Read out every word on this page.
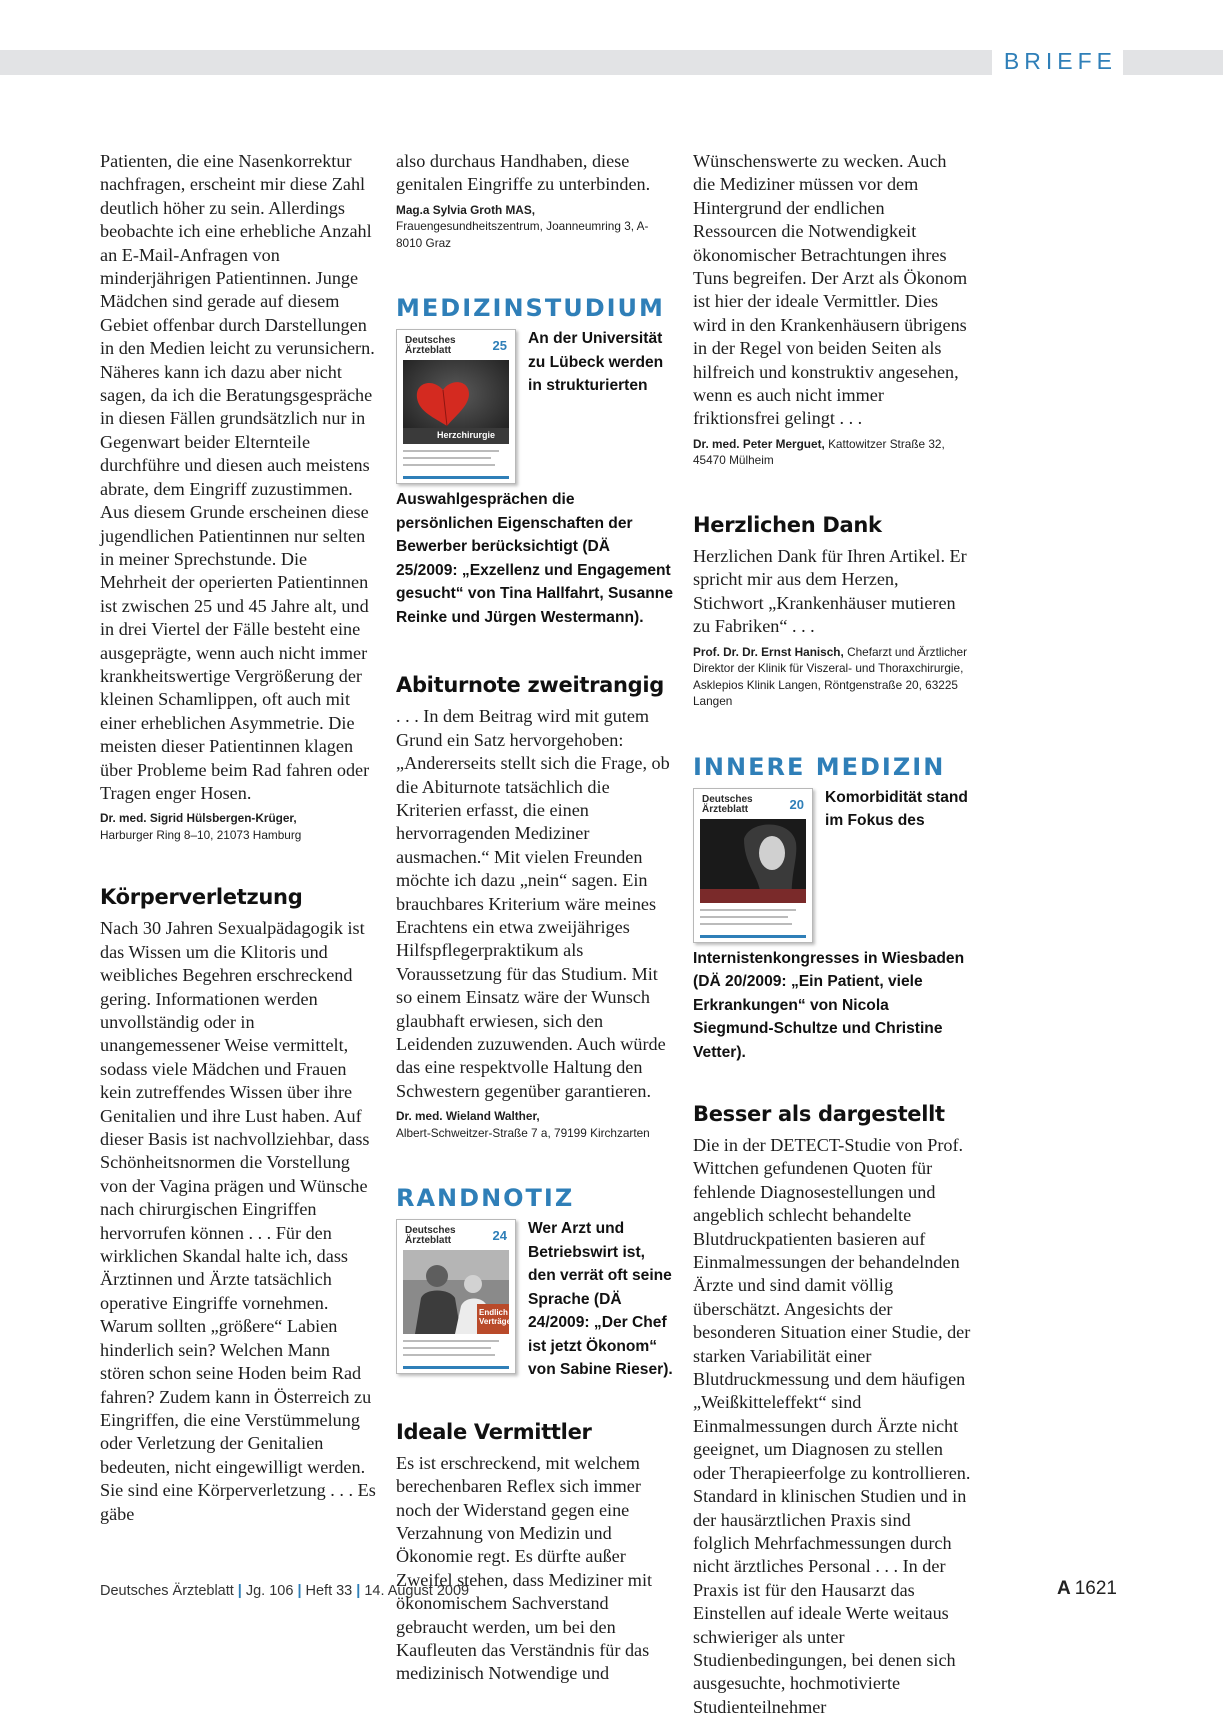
BRIEFE

Patienten, die eine Nasenkorrektur nachfragen, erscheint mir diese Zahl deutlich höher zu sein. Allerdings beobachte ich eine erhebliche Anzahl an E-Mail-Anfragen von minderjährigen Patientinnen. Junge Mädchen sind gerade auf diesem Gebiet offenbar durch Darstellungen in den Medien leicht zu verunsichern. Näheres kann ich dazu aber nicht sagen, da ich die Beratungsgespräche in diesen Fällen grundsätzlich nur in Gegenwart beider Elternteile durchführe und diesen auch meistens abrate, dem Eingriff zuzustimmen. Aus diesem Grunde erscheinen diese jugendlichen Patientinnen nur selten in meiner Sprechstunde. Die Mehrheit der operierten Patientinnen ist zwischen 25 und 45 Jahre alt, und in drei Viertel der Fälle besteht eine ausgeprägte, wenn auch nicht immer krankheitswertige Vergrößerung der kleinen Schamlippen, oft auch mit einer erheblichen Asymmetrie. Die meisten dieser Patientinnen klagen über Probleme beim Rad fahren oder Tragen enger Hosen.

Dr. med. Sigrid Hülsbergen-Krüger,
Harburger Ring 8–10, 21073 Hamburg

Körperverletzung

Nach 30 Jahren Sexualpädagogik ist das Wissen um die Klitoris und weibliches Begehren erschreckend gering. Informationen werden unvollständig oder in unangemessener Weise vermittelt, sodass viele Mädchen und Frauen kein zutreffendes Wissen über ihre Genitalien und ihre Lust haben. Auf dieser Basis ist nachvollziehbar, dass Schönheitsnormen die Vorstellung von der Vagina prägen und Wünsche nach chirurgischen Eingriffen hervorrufen können . . . Für den wirklichen Skandal halte ich, dass Ärztinnen und Ärzte tatsächlich operative Eingriffe vornehmen. Warum sollten „größere“ Labien hinderlich sein? Welchen Mann stören schon seine Hoden beim Rad fahren? Zudem kann in Österreich zu Eingriffen, die eine Verstümmelung oder Verletzung der Genitalien bedeuten, nicht eingewilligt werden. Sie sind eine Körperverletzung . . . Es gäbe

also durchaus Handhaben, diese genitalen Eingriffe zu unterbinden.

Mag.a Sylvia Groth MAS, Frauengesundheitszentrum, Joanneumring 3, A-8010 Graz

MEDIZINSTUDIUM
Deutsches
Ärzteblatt	25
Herzchirurgie

An der Universität zu Lübeck werden in strukturierten Auswahlgesprächen die persönlichen Eigenschaften der Bewerber berücksichtigt (DÄ 25/2009: „Exzellenz und Engagement gesucht“ von Tina Hallfahrt, Susanne Reinke und Jürgen Westermann).

Abiturnote zweitrangig

. . . In dem Beitrag wird mit gutem Grund ein Satz hervorgehoben: „Andererseits stellt sich die Frage, ob die Abiturnote tatsächlich die Kriterien erfasst, die einen hervorragenden Mediziner ausmachen.“ Mit vielen Freunden möchte ich dazu „nein“ sagen. Ein brauchbares Kriterium wäre meines Erachtens ein etwa zweijähriges Hilfspflegerpraktikum als Voraussetzung für das Studium. Mit so einem Einsatz wäre der Wunsch glaubhaft erwiesen, sich den Leidenden zuzuwenden. Auch würde das eine respektvolle Haltung den Schwestern gegenüber garantieren.

Dr. med. Wieland Walther,
Albert-Schweitzer-Straße 7 a, 79199 Kirchzarten

RANDNOTIZ
Deutsches
Ärzteblatt	24
Endlich Verträge

Wer Arzt und Betriebswirt ist, den verrät oft seine Sprache (DÄ 24/2009: „Der Chef ist jetzt Ökonom“ von Sabine Rieser).

Ideale Vermittler

Es ist erschreckend, mit welchem berechenbaren Reflex sich immer noch der Widerstand gegen eine Verzahnung von Medizin und Ökonomie regt. Es dürfte außer Zweifel stehen, dass Mediziner mit ökonomischem Sachverstand gebraucht werden, um bei den Kaufleuten das Verständnis für das medizinisch Notwendige und

Wünschenswerte zu wecken. Auch die Mediziner müssen vor dem Hintergrund der endlichen Ressourcen die Notwendigkeit ökonomischer Betrachtungen ihres Tuns begreifen. Der Arzt als Ökonom ist hier der ideale Vermittler. Dies wird in den Krankenhäusern übrigens in der Regel von beiden Seiten als hilfreich und konstruktiv angesehen, wenn es auch nicht immer friktionsfrei gelingt . . .

Dr. med. Peter Merguet, Kattowitzer Straße 32, 45470 Mülheim

Herzlichen Dank

Herzlichen Dank für Ihren Artikel. Er spricht mir aus dem Herzen, Stichwort „Krankenhäuser mutieren zu Fabriken“ . . .

Prof. Dr. Dr. Ernst Hanisch, Chefarzt und Ärztlicher Direktor der Klinik für Viszeral- und Thoraxchirurgie, Asklepios Klinik Langen, Röntgenstraße 20, 63225 Langen

INNERE MEDIZIN
Deutsches
Ärzteblatt	20	Komorbidität stand im Fokus des Internistenkongresses in Wiesbaden (DÄ 20/2009: „Ein Patient, viele Erkrankungen“ von Nicola Siegmund-Schultze und Christine Vetter).

Besser als dargestellt

Die in der DETECT-Studie von Prof. Wittchen gefundenen Quoten für fehlende Diagnosestellungen und angeblich schlecht behandelte Blutdruckpatienten basieren auf Einmalmessungen der behandelnden Ärzte und sind damit völlig überschätzt. Angesichts der besonderen Situation einer Studie, der starken Variabilität einer Blutdruckmessung und dem häufigen „Weißkitteleffekt“ sind Einmalmessungen durch Ärzte nicht geeignet, um Diagnosen zu stellen oder Therapieerfolge zu kontrollieren. Standard in klinischen Studien und in der hausärztlichen Praxis sind folglich Mehrfachmessungen durch nicht ärztliches Personal . . . In der Praxis ist für den Hausarzt das Einstellen auf ideale Werte weitaus schwieriger als unter Studienbedingungen, bei denen sich ausgesuchte, hochmotivierte Studienteilnehmer

Deutsches Ärzteblatt | Jg. 106 | Heft 33 | 14. August 2009	A 1621
